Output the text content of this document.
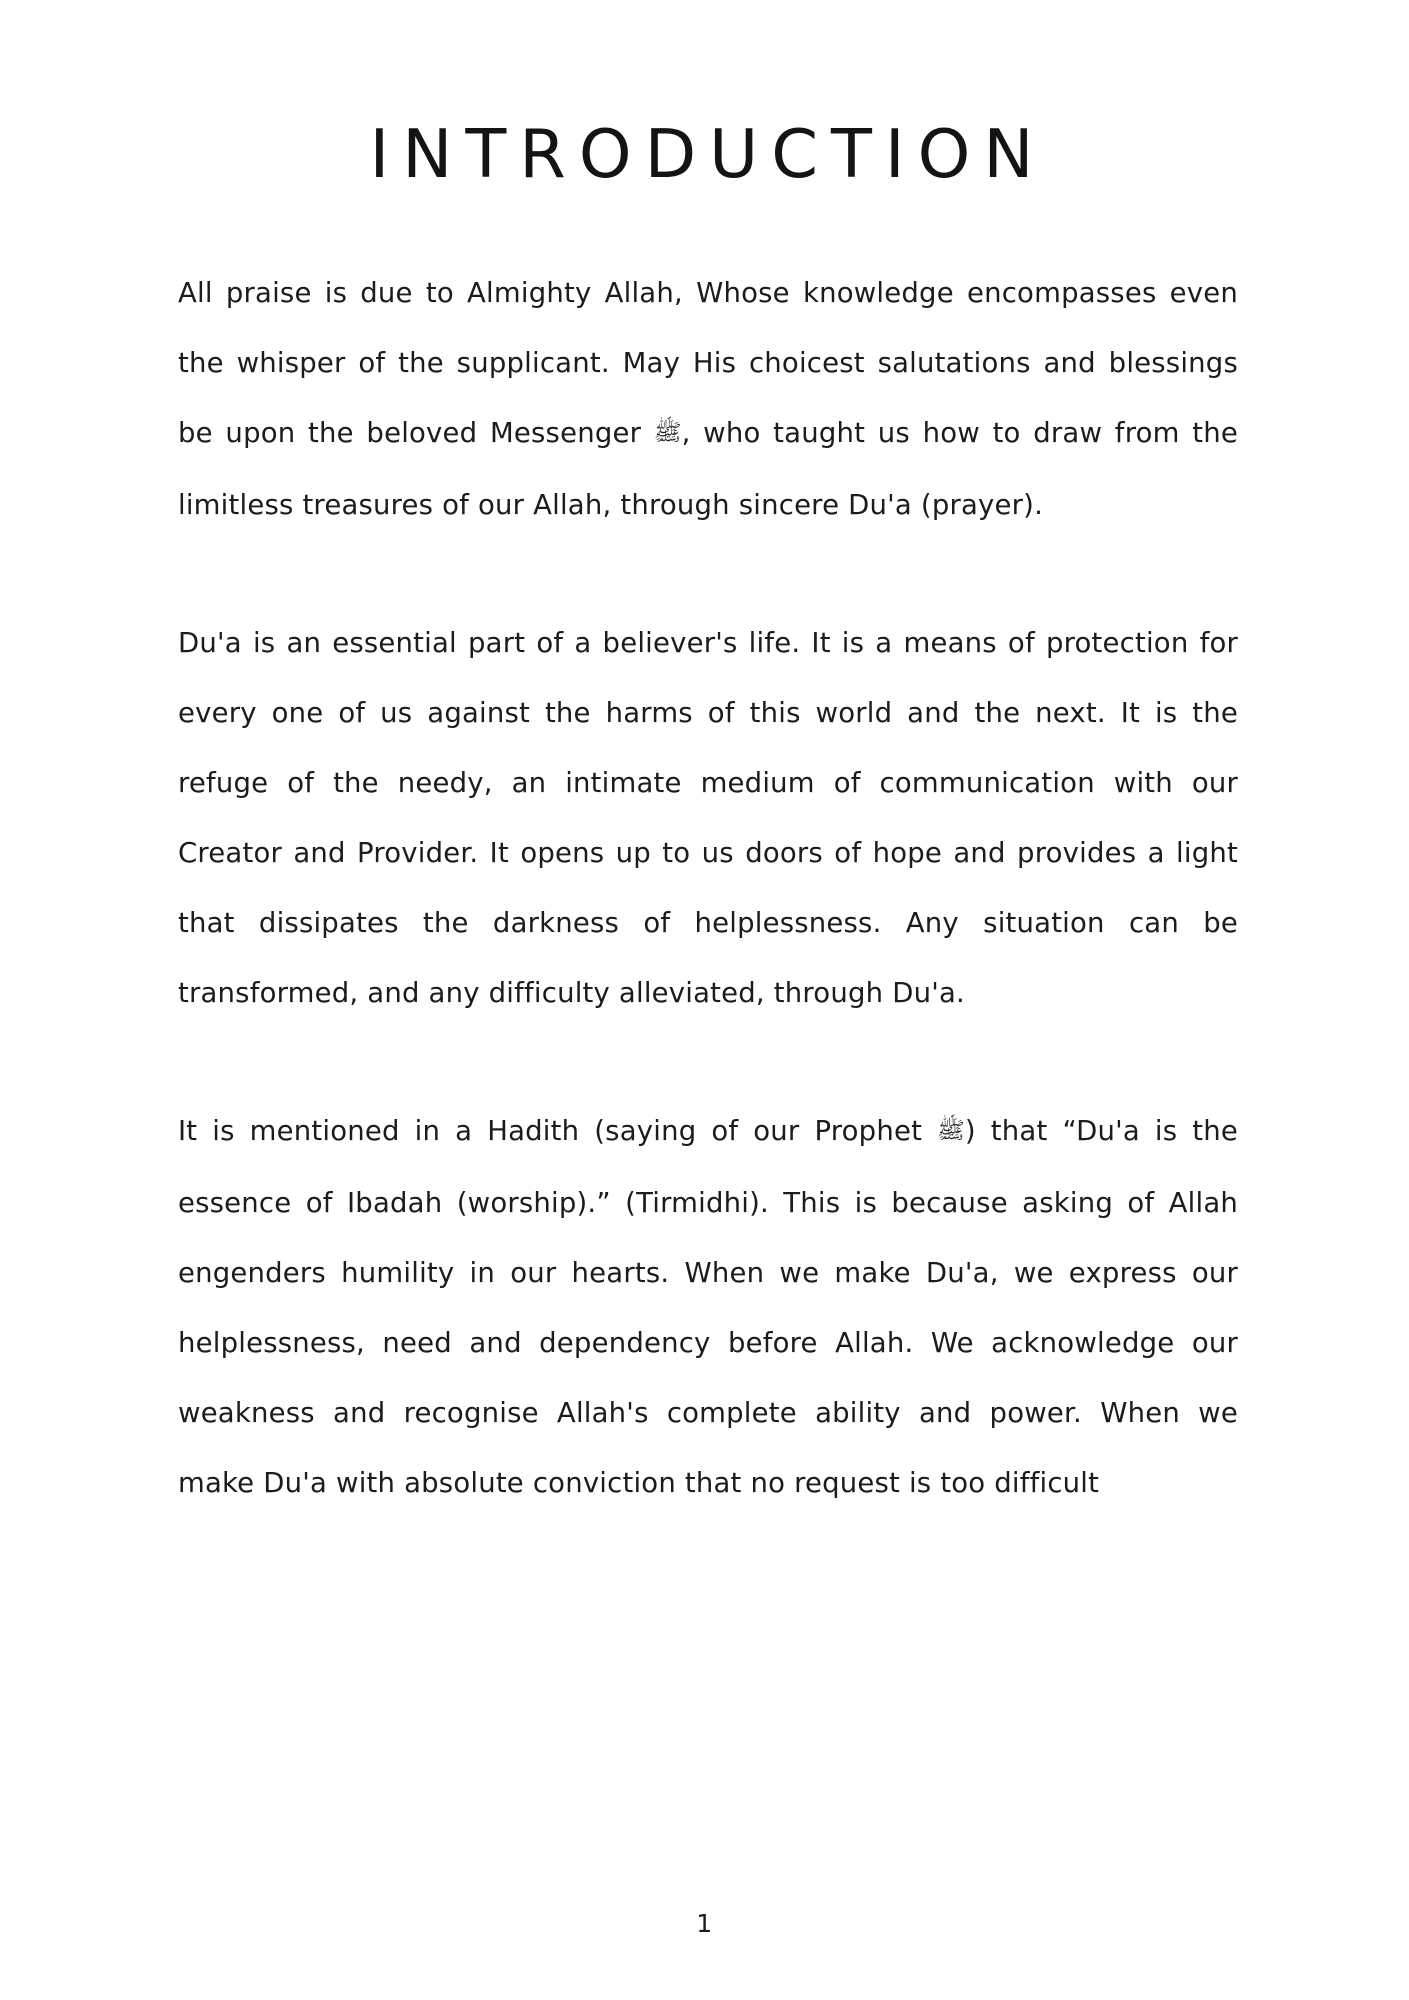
INTRODUCTION

All praise is due to Almighty Allah, Whose knowledge encompasses even the whisper of the supplicant. May His choicest salutations and blessings be upon the beloved Messenger ﷺ, who taught us how to draw from the limitless treasures of our Allah, through sincere Du'a (prayer).

Du'a is an essential part of a believer's life. It is a means of protection for every one of us against the harms of this world and the next. It is the refuge of the needy, an intimate medium of communication with our Creator and Provider. It opens up to us doors of hope and provides a light that dissipates the darkness of helplessness. Any situation can be transformed, and any difficulty alleviated, through Du'a.

It is mentioned in a Hadith (saying of our Prophet ﷺ) that “Du'a is the essence of Ibadah (worship).” (Tirmidhi). This is because asking of Allah engenders humility in our hearts. When we make Du'a, we express our helplessness, need and dependency before Allah. We acknowledge our weakness and recognise Allah's complete ability and power. When we make Du'a with absolute conviction that no request is too difficult

1
